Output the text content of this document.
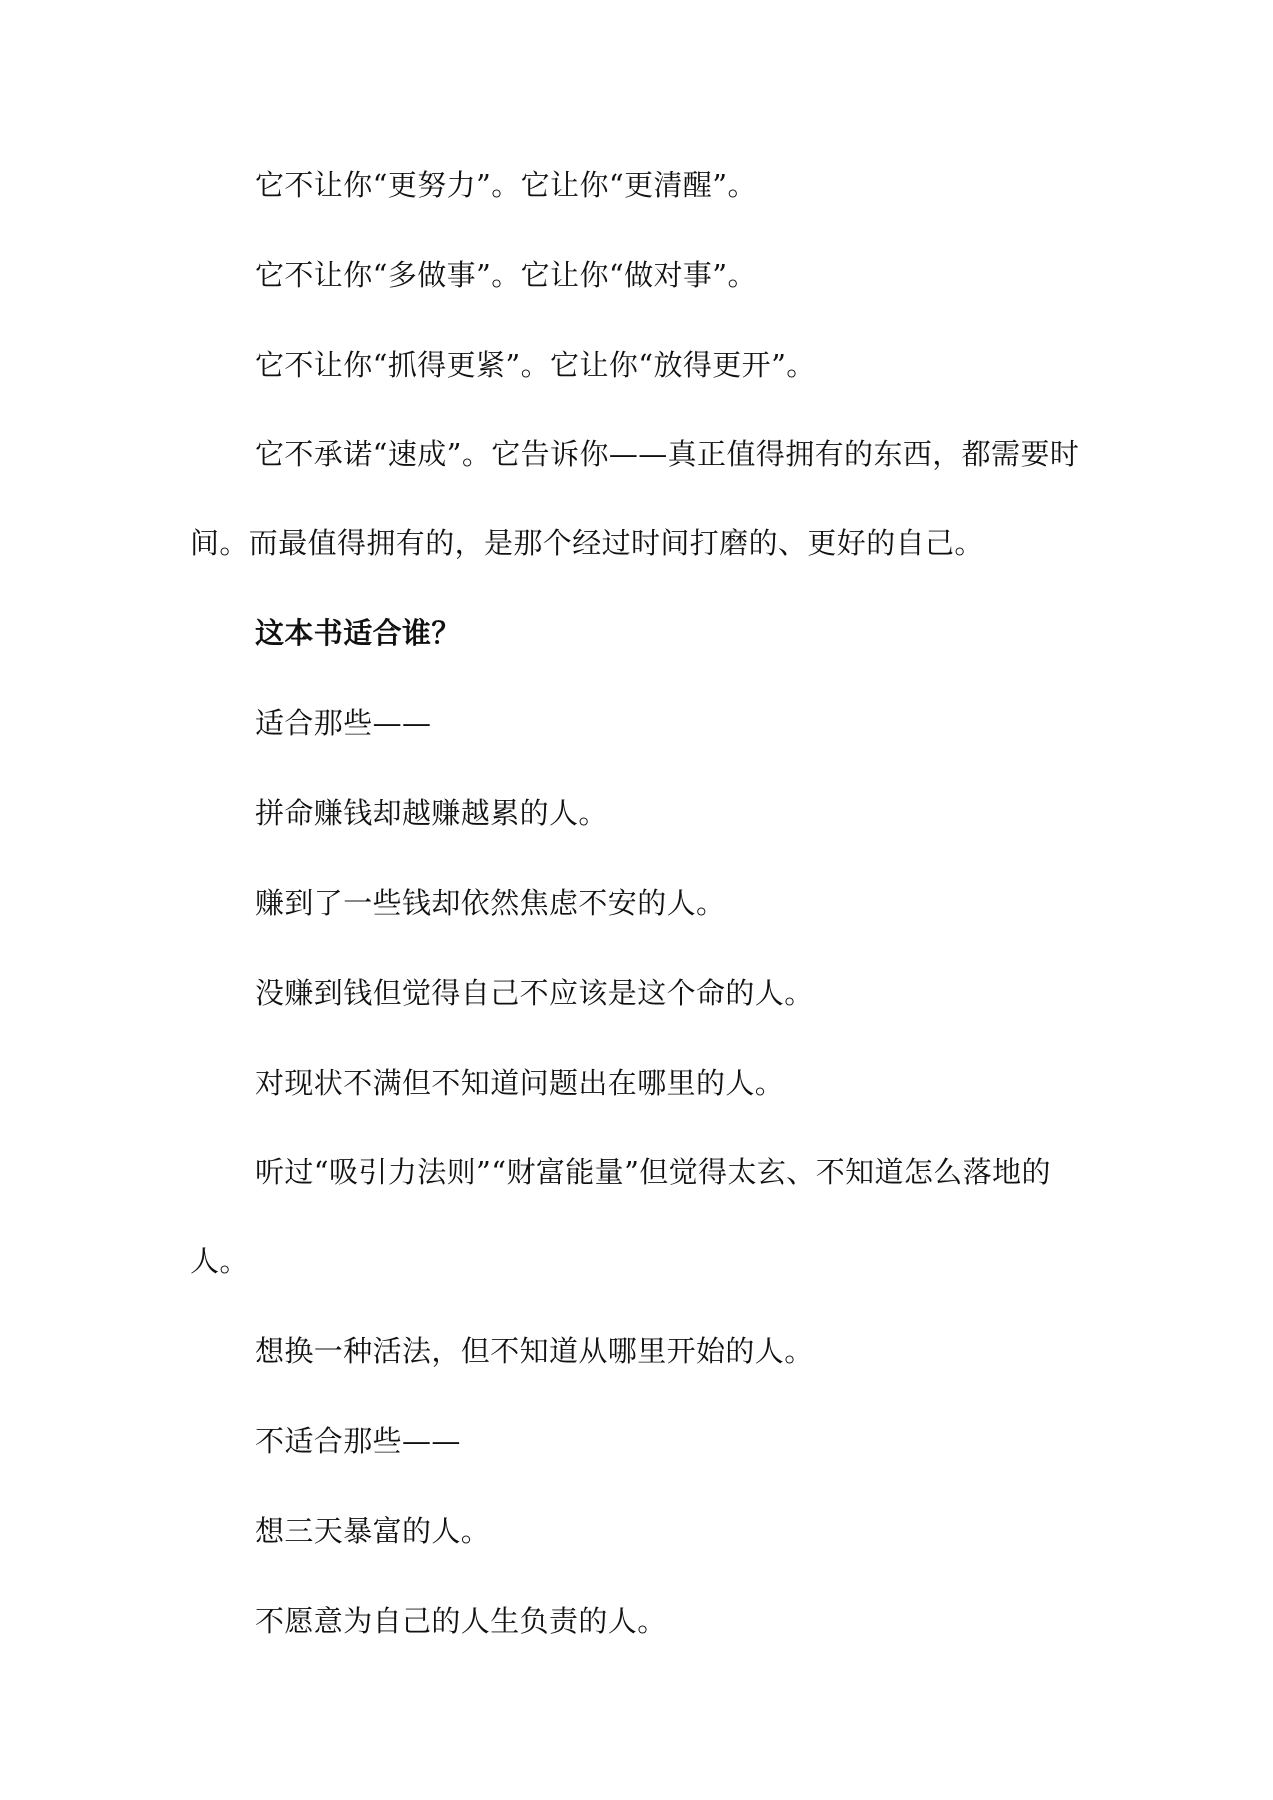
它不让你“更努力”。它让你“更清醒”。

它不让你“多做事”。它让你“做对事”。

它不让你“抓得更紧”。它让你“放得更开”。

它不承诺“速成”。它告诉你——真正值得拥有的东西，都需要时间。而最值得拥有的，是那个经过时间打磨的、更好的自己。

这本书适合谁？

适合那些——

拼命赚钱却越赚越累的人。

赚到了一些钱却依然焦虑不安的人。

没赚到钱但觉得自己不应该是这个命的人。

对现状不满但不知道问题出在哪里的人。

听过“吸引力法则”“财富能量”但觉得太玄、不知道怎么落地的人。

想换一种活法，但不知道从哪里开始的人。

不适合那些——

想三天暴富的人。

不愿意为自己的人生负责的人。
